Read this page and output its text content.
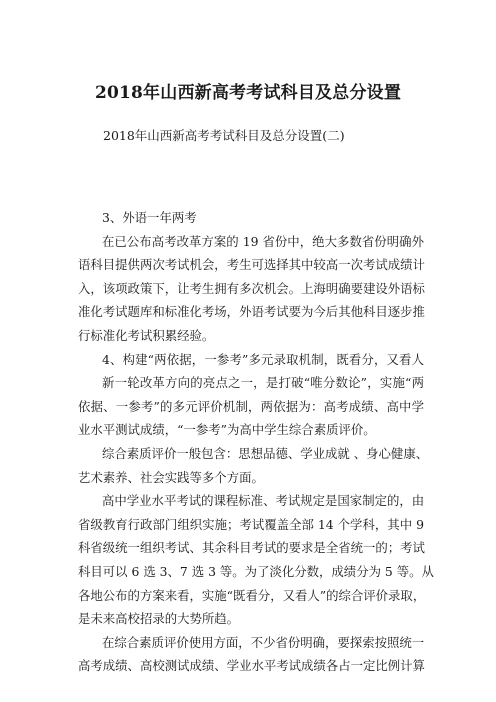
2018年山西新高考考试科目及总分设置
2018年山西新高考考试科目及总分设置(二)
3、外语一年两考
在已公布高考改革方案的 19 省份中，绝大多数省份明确外
语科目提供两次考试机会，考生可选择其中较高一次考试成绩计
入，该项政策下，让考生拥有多次机会。上海明确要建设外语标
准化考试题库和标准化考场，外语考试要为今后其他科目逐步推
行标准化考试积累经验。
4、构建“两依据，一参考”多元录取机制，既看分，又看人
新一轮改革方向的亮点之一，是打破“唯分数论”，实施“两
依据、一参考”的多元评价机制，两依据为：高考成绩、高中学
业水平测试成绩，“一参考”为高中学生综合素质评价。
综合素质评价一般包含：思想品德、学业成就 、身心健康、
艺术素养、社会实践等多个方面。
高中学业水平考试的课程标准、考试规定是国家制定的，由
省级教育行政部门组织实施；考试覆盖全部 14 个学科，其中 9
科省级统一组织考试、其余科目考试的要求是全省统一的；考试
科目可以 6 选 3、7 选 3 等。为了淡化分数，成绩分为 5 等。从
各地公布的方案来看，实施“既看分，又看人”的综合评价录取，
是未来高校招录的大势所趋。
在综合素质评价使用方面，不少省份明确，要探索按照统一
高考成绩、高校测试成绩、学业水平考试成绩各占一定比例计算
